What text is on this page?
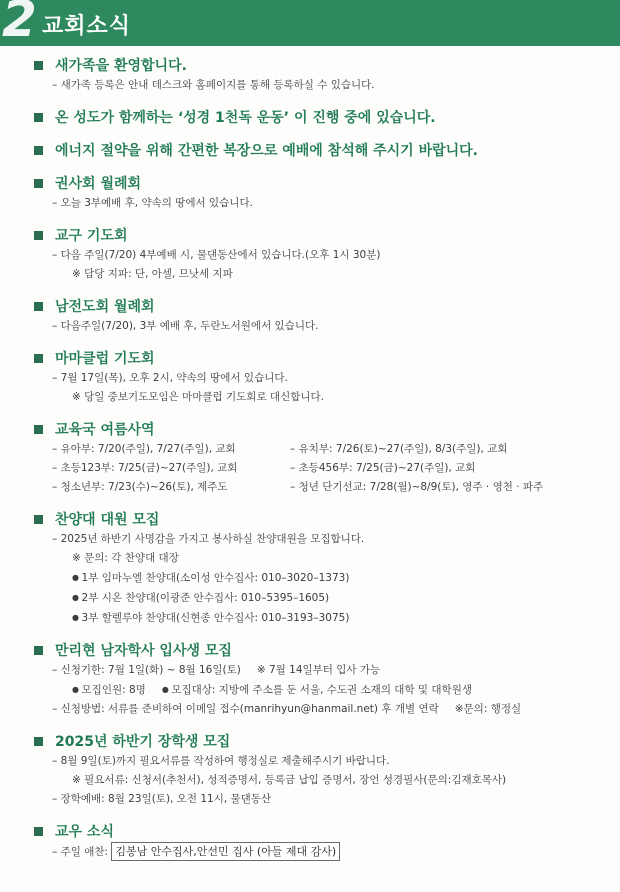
2 교회소식
새가족을 환영합니다.
– 새가족 등록은 안내 데스크와 홈페이지를 통해 등록하실 수 있습니다.
온 성도가 함께하는 ‘성경 1천독 운동’ 이 진행 중에 있습니다.
에너지 절약을 위해 간편한 복장으로 예배에 참석해 주시기 바랍니다.
권사회 월례회
– 오늘 3부예배 후, 약속의 땅에서 있습니다.
교구 기도회
– 다음 주일(7/20) 4부예배 시, 물댄동산에서 있습니다.(오후 1시 30분)
※ 담당 지파: 단, 아셀, 므낫세 지파
남전도회 월례회
– 다음주일(7/20), 3부 예배 후, 두란노서원에서 있습니다.
마마클럽 기도회
– 7월 17일(목), 오후 2시, 약속의 땅에서 있습니다.
※ 당일 중보기도모임은 마마클럽 기도회로 대신합니다.
교육국 여름사역
– 유아부: 7/20(주일), 7/27(주일), 교회	– 유치부: 7/26(토)~27(주일), 8/3(주일), 교회
– 초등123부: 7/25(금)~27(주일), 교회	– 초등456부: 7/25(금)~27(주일), 교회
– 청소년부: 7/23(수)~26(토), 제주도	– 청년 단기선교: 7/28(월)~8/9(토), 영주 · 영천 · 파주
찬양대 대원 모집
– 2025년 하반기 사명감을 가지고 봉사하실 찬양대원을 모집합니다.
※ 문의: 각 찬양대 대장
● 1부 임마누엘 찬양대(소이성 안수집사: 010–3020–1373)
● 2부 시온 찬양대(이광준 안수집사: 010–5395–1605)
● 3부 할렐루야 찬양대(신현종 안수집사: 010–3193–3075)
만리현 남자학사 입사생 모집
– 신청기한: 7월 1일(화) ~ 8월 16일(토) ※ 7월 14일부터 입사 가능
● 모집인원: 8명 ● 모집대상: 지방에 주소를 둔 서울, 수도권 소재의 대학 및 대학원생
– 신청방법: 서류를 준비하여 이메일 접수(manrihyun@hanmail.net) 후 개별 연락 ※문의: 행정실
2025년 하반기 장학생 모집
– 8월 9일(토)까지 필요서류를 작성하여 행정실로 제출해주시기 바랍니다.
※ 필요서류: 신청서(추천서), 성적증명서, 등록금 납입 증명서, 장언 성경필사(문의:김재호목사)
– 장학예배: 8월 23일(토), 오전 11시, 물댄동산
교우 소식
– 주일 애찬: 김봉남 안수집사,안선민 집사 (아들 제대 감사)
